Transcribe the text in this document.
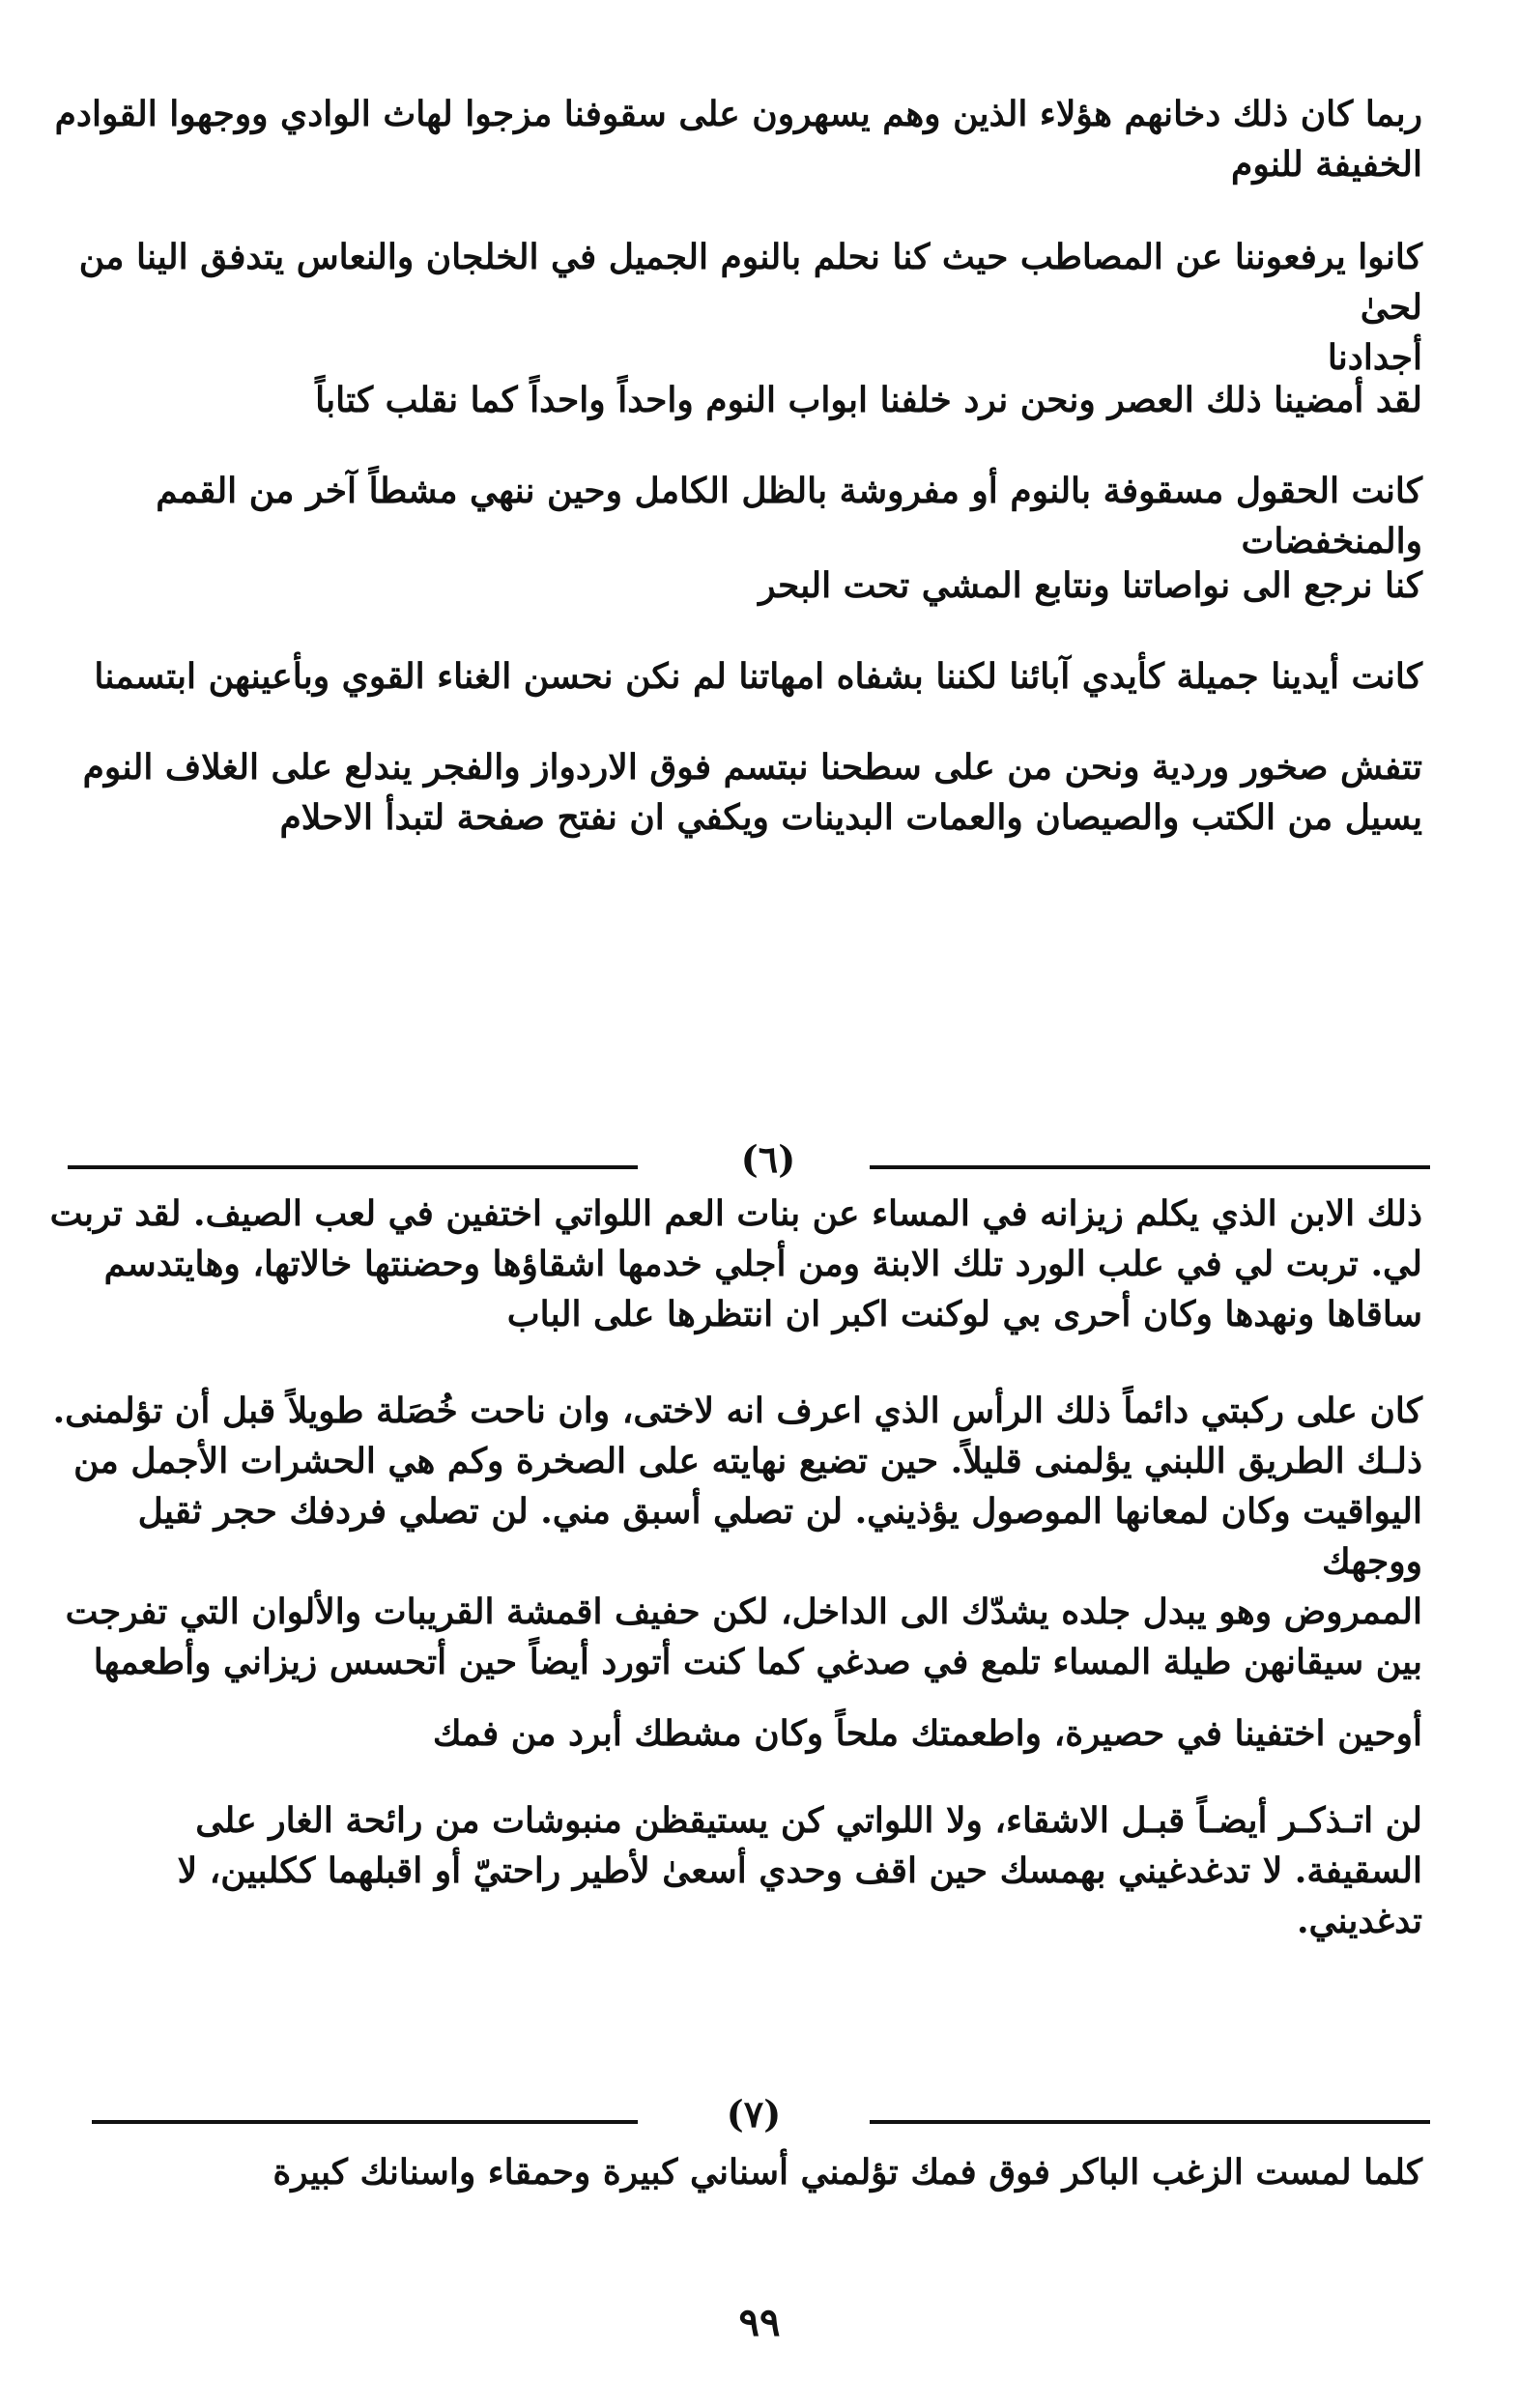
ربما كان ذلك دخانهم هؤلاء الذين وهم يسهرون على سقوفنا مزجوا لهاث الوادي ووجهوا القوادم
الخفيفة للنوم

كانوا يرفعوننا عن المصاطب حيث كنا نحلم بالنوم الجميل في الخلجان والنعاس يتدفق الينا من لحىٰ
أجدادنا

لقد أمضينا ذلك العصر ونحن نرد خلفنا ابواب النوم واحداً واحداً كما نقلب كتاباً

كانت الحقول مسقوفة بالنوم أو مفروشة بالظل الكامل وحين ننهي مشطاً آخر من القمم والمنخفضات

كنا نرجع الى نواصاتنا ونتابع المشي تحت البحر

كانت أيدينا جميلة كأيدي آبائنا لكننا بشفاه امهاتنا لم نكن نحسن الغناء القوي وبأعينهن ابتسمنا

تتفش صخور وردية ونحن من على سطحنا نبتسم فوق الاردواز والفجر يندلع على الغلاف النوم
يسيل من الكتب والصيصان والعمات البدينات ويكفي ان نفتح صفحة لتبدأ الاحلام

(٦)

ذلك الابن الذي يكلم زيزانه في المساء عن بنات العم اللواتي اختفين في لعب الصيف. لقد تربت
لي. تربت لي في علب الورد تلك الابنة ومن أجلي خدمها اشقاؤها وحضنتها خالاتها، وهايتدسم
ساقاها ونهدها وكان أحرى بي لوكنت اكبر ان انتظرها على الباب

كان على ركبتي دائماً ذلك الرأس الذي اعرف انه لاختى، وان ناحت خُصَلة طويلاً قبل أن تؤلمنى.
ذلـك الطريق اللبني يؤلمنى قليلاً. حين تضيع نهايته على الصخرة وكم هي الحشرات الأجمل من
اليواقيت وكان لمعانها الموصول يؤذيني. لن تصلي أسبق مني. لن تصلي فردفك حجر ثقيل ووجهك
الممروض وهو يبدل جلده يشدّك الى الداخل، لكن حفيف اقمشة القريبات والألوان التي تفرجت
بين سيقانهن طيلة المساء تلمع في صدغي كما كنت أتورد أيضاً حين أتحسس زيزاني وأطعمها

أوحين اختفينا في حصيرة، واطعمتك ملحاً وكان مشطك أبرد من فمك

لن اتـذكـر أيضـاً قبـل الاشقاء، ولا اللواتي كن يستيقظن منبوشات من رائحة الغار على
السقيفة. لا تدغدغيني بهمسك حين اقف وحدي أسعىٰ لأطير راحتيّ أو اقبلهما ككلبين، لا
تدغديني.

(٧)

كلما لمست الزغب الباكر فوق فمك تؤلمني أسناني كبيرة وحمقاء واسنانك كبيرة

٩٩
